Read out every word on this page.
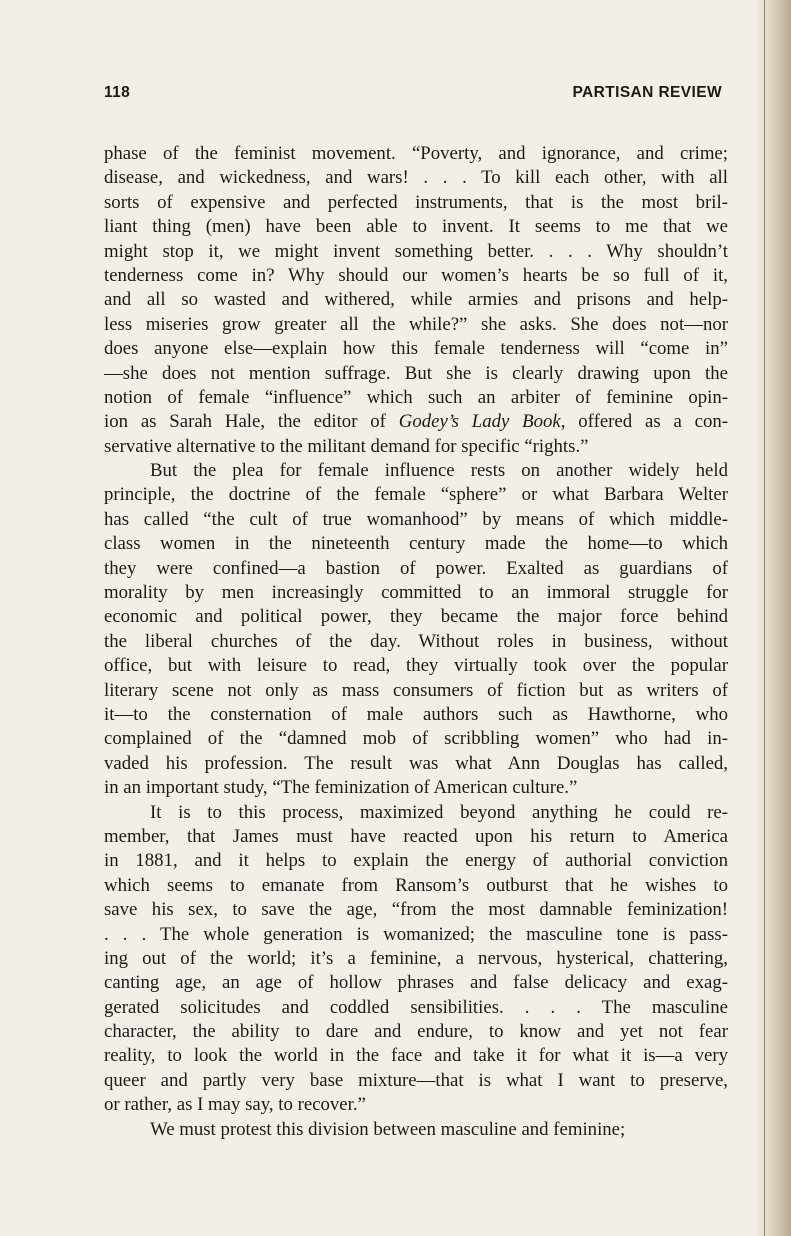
118	PARTISAN REVIEW
phase of the feminist movement. “Poverty, and ignorance, and crime;
disease, and wickedness, and wars! . . . To kill each other, with all
sorts of expensive and perfected instruments, that is the most bril-
liant thing (men) have been able to invent. It seems to me that we
might stop it, we might invent something better. . . . Why shouldn’t
tenderness come in? Why should our women’s hearts be so full of it,
and all so wasted and withered, while armies and prisons and help-
less miseries grow greater all the while?” she asks. She does not—nor
does anyone else—explain how this female tenderness will “come in”
—she does not mention suffrage. But she is clearly drawing upon the
notion of female “influence” which such an arbiter of feminine opin-
ion as Sarah Hale, the editor of Godey’s Lady Book, offered as a con-
servative alternative to the militant demand for specific “rights.”
But the plea for female influence rests on another widely held
principle, the doctrine of the female “sphere” or what Barbara Welter
has called “the cult of true womanhood” by means of which middle-
class women in the nineteenth century made the home—to which
they were confined—a bastion of power. Exalted as guardians of
morality by men increasingly committed to an immoral struggle for
economic and political power, they became the major force behind
the liberal churches of the day. Without roles in business, without
office, but with leisure to read, they virtually took over the popular
literary scene not only as mass consumers of fiction but as writers of
it—to the consternation of male authors such as Hawthorne, who
complained of the “damned mob of scribbling women” who had in-
vaded his profession. The result was what Ann Douglas has called,
in an important study, “The feminization of American culture.”
It is to this process, maximized beyond anything he could re-
member, that James must have reacted upon his return to America
in 1881, and it helps to explain the energy of authorial conviction
which seems to emanate from Ransom’s outburst that he wishes to
save his sex, to save the age, “from the most damnable feminization!
. . . The whole generation is womanized; the masculine tone is pass-
ing out of the world; it’s a feminine, a nervous, hysterical, chattering,
canting age, an age of hollow phrases and false delicacy and exag-
gerated solicitudes and coddled sensibilities. . . . The masculine
character, the ability to dare and endure, to know and yet not fear
reality, to look the world in the face and take it for what it is—a very
queer and partly very base mixture—that is what I want to preserve,
or rather, as I may say, to recover.”
We must protest this division between masculine and feminine;
